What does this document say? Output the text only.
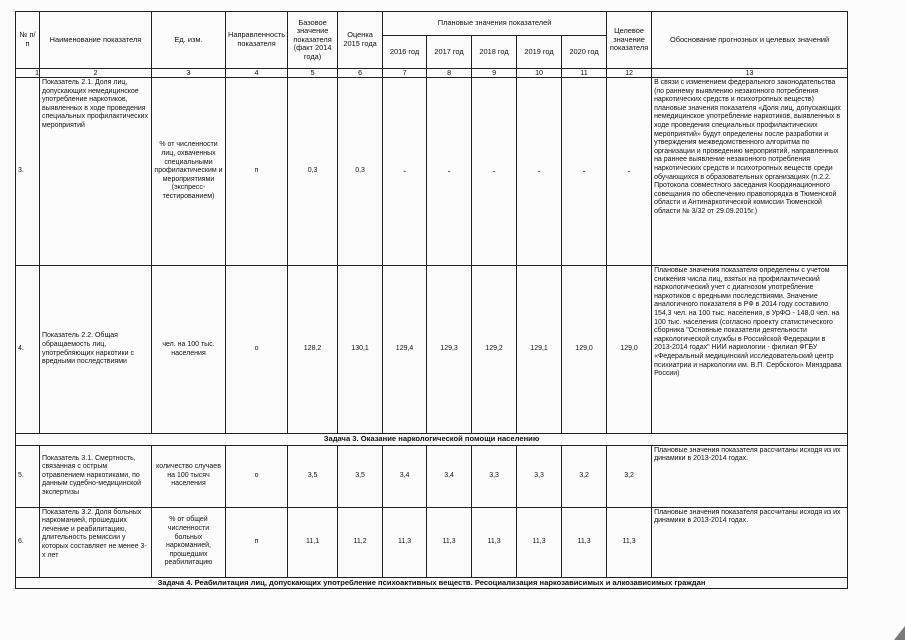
№ п/п	Наименование показателя	Ед. изм.	Направленность показателя	Базовое значение показателя (факт 2014 года)	Оценка 2015 года	Плановые значения показателей					Целевое значение показателя	Обоснование прогнозных и целевых значений
						2016 год	2017 год	2018 год	2019 год	2020 год		
1	2	3	4	5	6	7	8	9	10	11	12	13
3.	Показатель 2.1. Доля лиц, допускающих немедицинское употребление наркотиков, выявленных в ходе проведения специальных профилактических мероприятий	% от численности лиц, охваченных специальными профилактическим и мероприятиями (экспресс-тестированием)	п	0,3	0,3	-	-	-	-	-	-	В связи с изменением федерального законодательства (по раннему выявлению незаконного потребления наркотических средств и психотропных веществ) плановые значения показателя «Доля лиц, допускающих немедицинское употребление наркотиков, выявленных в ходе проведения специальных профилактических мероприятий» будут определены после разработки и утверждения межведомственного алгоритма по организации и проведению мероприятий, направленных на раннее выявление незаконного потребления наркотических средств и психотропных веществ среди обучающихся в образовательных организациях (п.2.2. Протокола совместного заседания Координационного совещания по обеспечению правопорядка в Тюменской области и Антинаркотической комиссии Тюменской области № 3/32 от 29.09.2015г.)
4.	Показатель 2.2. Общая обращаемость лиц, употребляющих наркотики с вредными последствиями	чел. на 100 тыс. населения	о	128,2	130,1	129,4	129,3	129,2	129,1	129,0	129,0	Плановые значения показателя определены с учетом снижения числа лиц, взятых на профилактический наркологический учет с диагнозом употребление наркотиков с вредными последствиями. Значение аналогичного показателя в РФ в 2014 году составило 154,3 чел. на 100 тыс. населения, в УрФО - 148,0 чел. на 100 тыс. населения (согласно проекту статистического сборника "Основные показатели деятельности наркологической службы в Российской Федерации в 2013-2014 годах" НИИ наркологии - филиал ФГБУ «Федеральный медицинский исследовательский центр психиатрии и наркологии им. В.П. Сербского» Минздрава России)
Задача 3. Оказание наркологической помощи населению												
5.	Показатель 3.1. Смертность, связанная с острым отравлением наркотиками, по данным судебно-медицинской экспертизы	количество случаев на 100 тысяч населения	о	3,5	3,5	3,4	3,4	3,3	3,3	3,2	3,2	Плановые значения показателя рассчитаны исходя из их динамики в 2013-2014 годах.
6.	Показатель 3.2. Доля больных наркоманией, прошедших лечение и реабилитацию, длительность ремиссии у которых составляет не менее 3-х лет	% от общей численности больных наркоманией, прошедших реабилитацию	п	11,1	11,2	11,3	11,3	11,3	11,3	11,3	11,3	Плановые значения показателя рассчитаны исходя из их динамики в 2013-2014 годах.
Задача 4. Реабилитация лиц, допускающих употребление психоактивных веществ. Ресоциализация наркозависимых и алкозависимых граждан												
